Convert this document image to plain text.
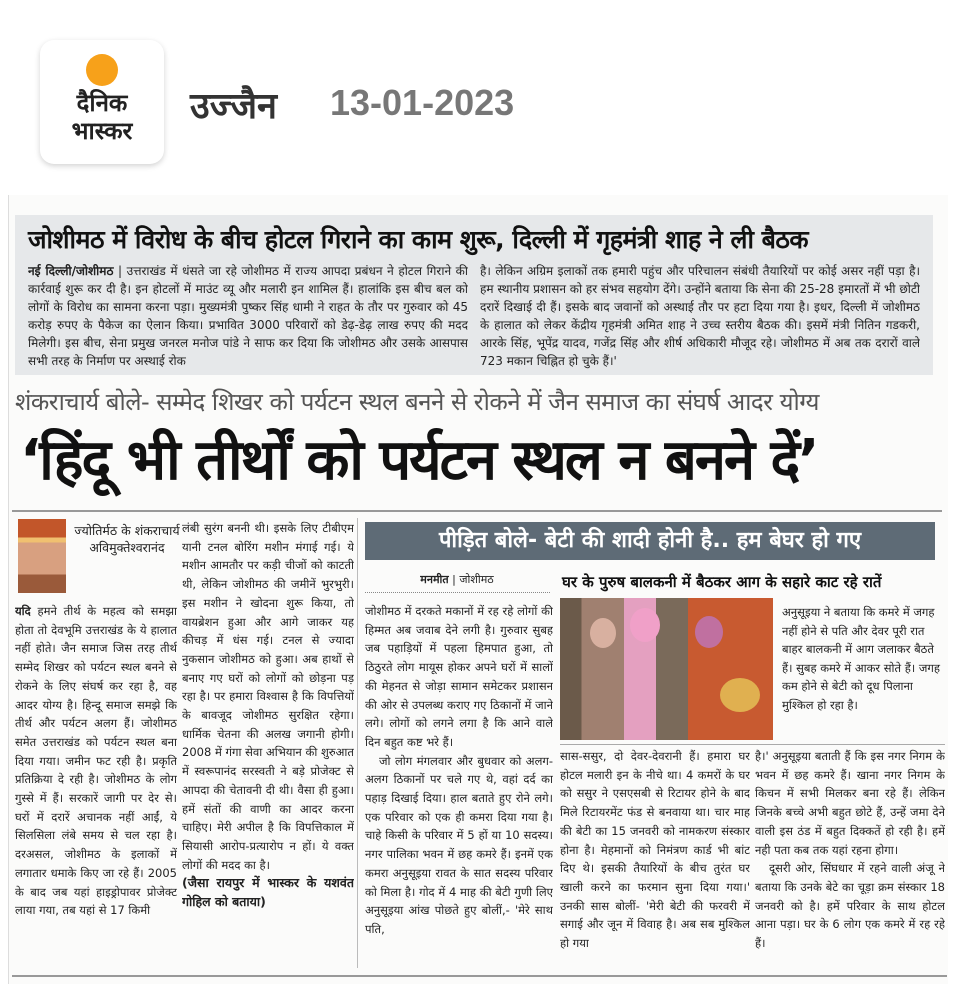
दैनिक
भास्कर
उज्जैन 13-01-2023
जोशीमठ में विरोध के बीच होटल गिराने का काम शुरू, दिल्ली में गृहमंत्री शाह ने ली बैठक
नई दिल्ली/जोशीमठ | उत्तराखंड में धंसते जा रहे जोशीमठ में राज्य आपदा प्रबंधन ने होटल गिराने की कार्रवाई शुरू कर दी है। इन होटलों में माउंट व्यू और मलारी इन शामिल हैं। हालांकि इस बीच बल को लोगों के विरोध का सामना करना पड़ा। मुख्यमंत्री पुष्कर सिंह धामी ने राहत के तौर पर गुरुवार को 45 करोड़ रुपए के पैकेज का ऐलान किया। प्रभावित 3000 परिवारों को डेढ़-डेढ़ लाख रुपए की मदद मिलेगी। इस बीच, सेना प्रमुख जनरल मनोज पांडे ने साफ कर दिया कि जोशीमठ और उसके आसपास सभी तरह के निर्माण पर अस्थाई रोक
है। लेकिन अग्रिम इलाकों तक हमारी पहुंच और परिचालन संबंधी तैयारियों पर कोई असर नहीं पड़ा है। हम स्थानीय प्रशासन को हर संभव सहयोग देंगे। उन्होंने बताया कि सेना की 25-28 इमारतों में भी छोटी दरारें दिखाई दी हैं। इसके बाद जवानों को अस्थाई तौर पर हटा दिया गया है। इधर, दिल्ली में जोशीमठ के हालात को लेकर केंद्रीय गृहमंत्री अमित शाह ने उच्च स्तरीय बैठक की। इसमें मंत्री नितिन गडकरी, आरके सिंह, भूपेंद्र यादव, गजेंद्र सिंह और शीर्ष अधिकारी मौजूद रहे। जोशीमठ में अब तक दरारों वाले 723 मकान चिह्नित हो चुके हैं।'
शंकराचार्य बोले- सम्मेद शिखर को पर्यटन स्थल बनने से रोकने में जैन समाज का संघर्ष आदर योग्य
‘हिंदू भी तीर्थों को पर्यटन स्थल न बनने दें’
ज्योतिर्मठ के शंकराचार्य अविमुक्तेश्वरानंद
यदि हमने तीर्थ के महत्व को समझा होता तो देवभूमि उत्तराखंड के ये हालात नहीं होते। जैन समाज जिस तरह तीर्थ सम्मेद शिखर को पर्यटन स्थल बनने से रोकने के लिए संघर्ष कर रहा है, वह आदर योग्य है। हिन्दू समाज समझे कि तीर्थ और पर्यटन अलग हैं। जोशीमठ समेत उत्तराखंड को पर्यटन स्थल बना दिया गया। जमीन फट रही है। प्रकृति प्रतिक्रिया दे रही है। जोशीमठ के लोग गुस्से में हैं। सरकारें जागी पर देर से। घरों में दरारें अचानक नहीं आईं, ये सिलसिला लंबे समय से चल रहा है। दरअसल, जोशीमठ के इलाकों में लगातार धमाके किए जा रहे हैं। 2005 के बाद जब यहां हाइड्रोपावर प्रोजेक्ट लाया गया, तब यहां से 17 किमी
लंबी सुरंग बननी थी। इसके लिए टीबीएम यानी टनल बोरिंग मशीन मंगाई गई। ये मशीन आमतौर पर कड़ी चीजों को काटती थी, लेकिन जोशीमठ की जमीनें भुरभुरी। इस मशीन ने खोदना शुरू किया, तो वायब्रेशन हुआ और आगे जाकर यह कीचड़ में धंस गई। टनल से ज्यादा नुकसान जोशीमठ को हुआ। अब हाथों से बनाए गए घरों को लोगों को छोड़ना पड़ रहा है। पर हमारा विश्वास है कि विपत्तियों के बावजूद जोशीमठ सुरक्षित रहेगा। धार्मिक चेतना की अलख जगानी होगी। 2008 में गंगा सेवा अभियान की शुरुआत में स्वरूपानंद सरस्वती ने बड़े प्रोजेक्ट से आपदा की चेतावनी दी थी। वैसा ही हुआ। हमें संतों की वाणी का आदर करना चाहिए। मेरी अपील है कि विपत्तिकाल में सियासी आरोप-प्रत्यारोप न हों। ये वक्त लोगों की मदद का है।
(जैसा रायपुर में भास्कर के यशवंत गोहिल को बताया)
पीड़ित बोले- बेटी की शादी होनी है.. हम बेघर हो गए
मनमीत | जोशीमठ
जोशीमठ में दरकते मकानों में रह रहे लोगों की हिम्मत अब जवाब देने लगी है। गुरुवार सुबह जब पहाड़ियों में पहला हिमपात हुआ, तो ठिठुरते लोग मायूस होकर अपने घरों में सालों की मेहनत से जोड़ा सामान समेटकर प्रशासन की ओर से उपलब्ध कराए गए ठिकानों में जाने लगे। लोगों को लगने लगा है कि आने वाले दिन बहुत कष्ट भरे हैं।
जो लोग मंगलवार और बुधवार को अलग-अलग ठिकानों पर चले गए थे, वहां दर्द का पहाड़ दिखाई दिया। हाल बताते हुए रोने लगे। एक परिवार को एक ही कमरा दिया गया है। चाहे किसी के परिवार में 5 हों या 10 सदस्य। नगर पालिका भवन में छह कमरे हैं। इनमें एक कमरा अनुसूइया रावत के सात सदस्य परिवार को मिला है। गोद में 4 माह की बेटी गुणी लिए अनुसूइया आंख पोछते हुए बोलीं,- 'मेरे साथ पति,
घर के पुरुष बालकनी में बैठकर आग के सहारे काट रहे रातें
अनुसूइया ने बताया कि कमरे में जगह नहीं होने से पति और देवर पूरी रात बाहर बालकनी में आग जलाकर बैठते हैं। सुबह कमरे में आकर सोते हैं। जगह कम होने से बेटी को दूध पिलाना मुश्किल हो रहा है।
सास-ससुर, दो देवर-देवरानी हैं। हमारा घर होटल मलारी इन के नीचे था। 4 कमरों के घर को ससुर ने एसएसबी से रिटायर होने के बाद मिले रिटायरमेंट फंड से बनवाया था। चार माह की बेटी का 15 जनवरी को नामकरण संस्कार होना है। मेहमानों को निमंत्रण कार्ड भी बांट दिए थे। इसकी तैयारियों के बीच तुरंत घर खाली करने का फरमान सुना दिया गया।' उनकी सास बोलीं- 'मेरी बेटी की फरवरी में सगाई और जून में विवाह है। अब सब मुश्किल हो गया
है।' अनुसूइया बताती हैं कि इस नगर निगम के भवन में छह कमरे हैं। खाना नगर निगम के किचन में सभी मिलकर बना रहे हैं। लेकिन जिनके बच्चे अभी बहुत छोटे हैं, उन्हें जमा देने वाली इस ठंड में बहुत दिक्कतें हो रही है। हमें नही पता कब तक यहां रहना होगा।
दूसरी ओर, सिंघधार में रहने वाली अंजू ने बताया कि उनके बेटे का चूड़ा क्रम संस्कार 18 जनवरी को है। हमें परिवार के साथ होटल आना पड़ा। घर के 6 लोग एक कमरे में रह रहे हैं।
